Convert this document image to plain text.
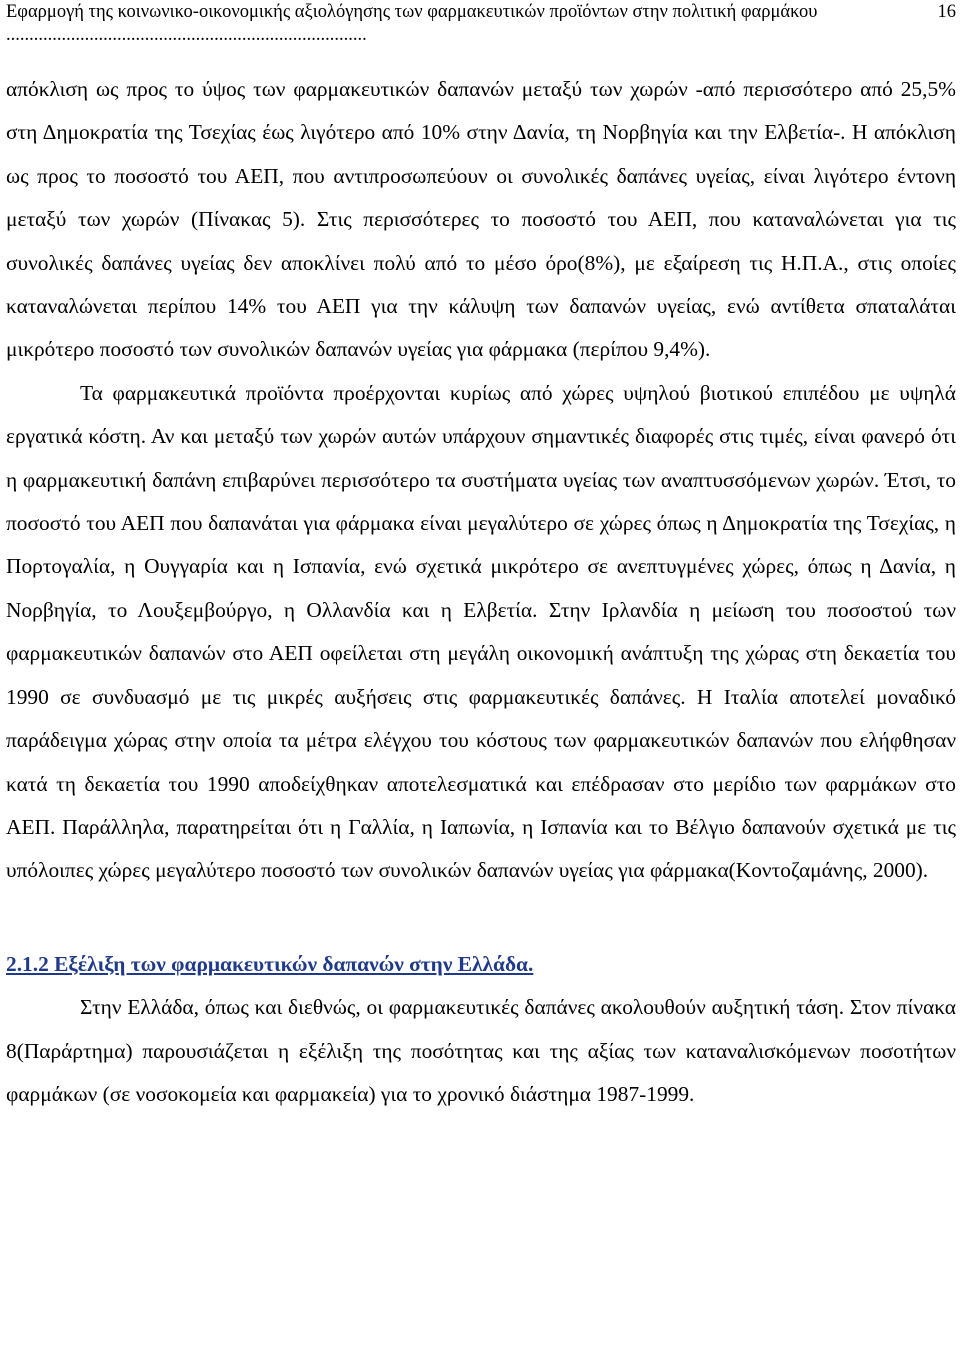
Εφαρμογή της κοινωνικο-οικονομικής αξιολόγησης των φαρμακευτικών προϊόντων στην πολιτική φαρμάκου ..............................................................................
16

απόκλιση ως προς το ύψος των φαρμακευτικών δαπανών μεταξύ των χωρών -από περισσότερο από 25,5% στη Δημοκρατία της Τσεχίας έως λιγότερο από 10% στην Δανία, τη Νορβηγία και την Ελβετία-. Η απόκλιση ως προς το ποσοστό του ΑΕΠ, που αντιπροσωπεύουν οι συνολικές δαπάνες υγείας, είναι λιγότερο έντονη μεταξύ των χωρών (Πίνακας 5). Στις περισσότερες το ποσοστό του ΑΕΠ, που καταναλώνεται για τις συνολικές δαπάνες υγείας δεν αποκλίνει πολύ από το μέσο όρο(8%), με εξαίρεση τις Η.Π.Α., στις οποίες καταναλώνεται περίπου 14% του ΑΕΠ για την κάλυψη των δαπανών υγείας, ενώ αντίθετα σπαταλάται μικρότερο ποσοστό των συνολικών δαπανών υγείας για φάρμακα (περίπου 9,4%).

Τα φαρμακευτικά προϊόντα προέρχονται κυρίως από χώρες υψηλού βιοτικού επιπέδου με υψηλά εργατικά κόστη. Αν και μεταξύ των χωρών αυτών υπάρχουν σημαντικές διαφορές στις τιμές, είναι φανερό ότι η φαρμακευτική δαπάνη επιβαρύνει περισσότερο τα συστήματα υγείας των αναπτυσσόμενων χωρών. Έτσι, το ποσοστό του ΑΕΠ που δαπανάται για φάρμακα είναι μεγαλύτερο σε χώρες όπως η Δημοκρατία της Τσεχίας, η Πορτογαλία, η Ουγγαρία και η Ισπανία, ενώ σχετικά μικρότερο σε ανεπτυγμένες χώρες, όπως η Δανία, η Νορβηγία, το Λουξεμβούργο, η Ολλανδία και η Ελβετία. Στην Ιρλανδία η μείωση του ποσοστού των φαρμακευτικών δαπανών στο ΑΕΠ οφείλεται στη μεγάλη οικονομική ανάπτυξη της χώρας στη δεκαετία του 1990 σε συνδυασμό με τις μικρές αυξήσεις στις φαρμακευτικές δαπάνες. Η Ιταλία αποτελεί μοναδικό παράδειγμα χώρας στην οποία τα μέτρα ελέγχου του κόστους των φαρμακευτικών δαπανών που ελήφθησαν κατά τη δεκαετία του 1990 αποδείχθηκαν αποτελεσματικά και επέδρασαν στο μερίδιο των φαρμάκων στο ΑΕΠ. Παράλληλα, παρατηρείται ότι η Γαλλία, η Ιαπωνία, η Ισπανία και το Βέλγιο δαπανούν σχετικά με τις υπόλοιπες χώρες μεγαλύτερο ποσοστό των συνολικών δαπανών υγείας για φάρμακα(Κοντοζαμάνης, 2000).

2.1.2 Εξέλιξη των φαρμακευτικών δαπανών στην Ελλάδα.

Στην Ελλάδα, όπως και διεθνώς, οι φαρμακευτικές δαπάνες ακολουθούν αυξητική τάση. Στον πίνακα 8(Παράρτημα) παρουσιάζεται η εξέλιξη της ποσότητας και της αξίας των καταναλισκόμενων ποσοτήτων φαρμάκων (σε νοσοκομεία και φαρμακεία) για το χρονικό διάστημα 1987-1999.
